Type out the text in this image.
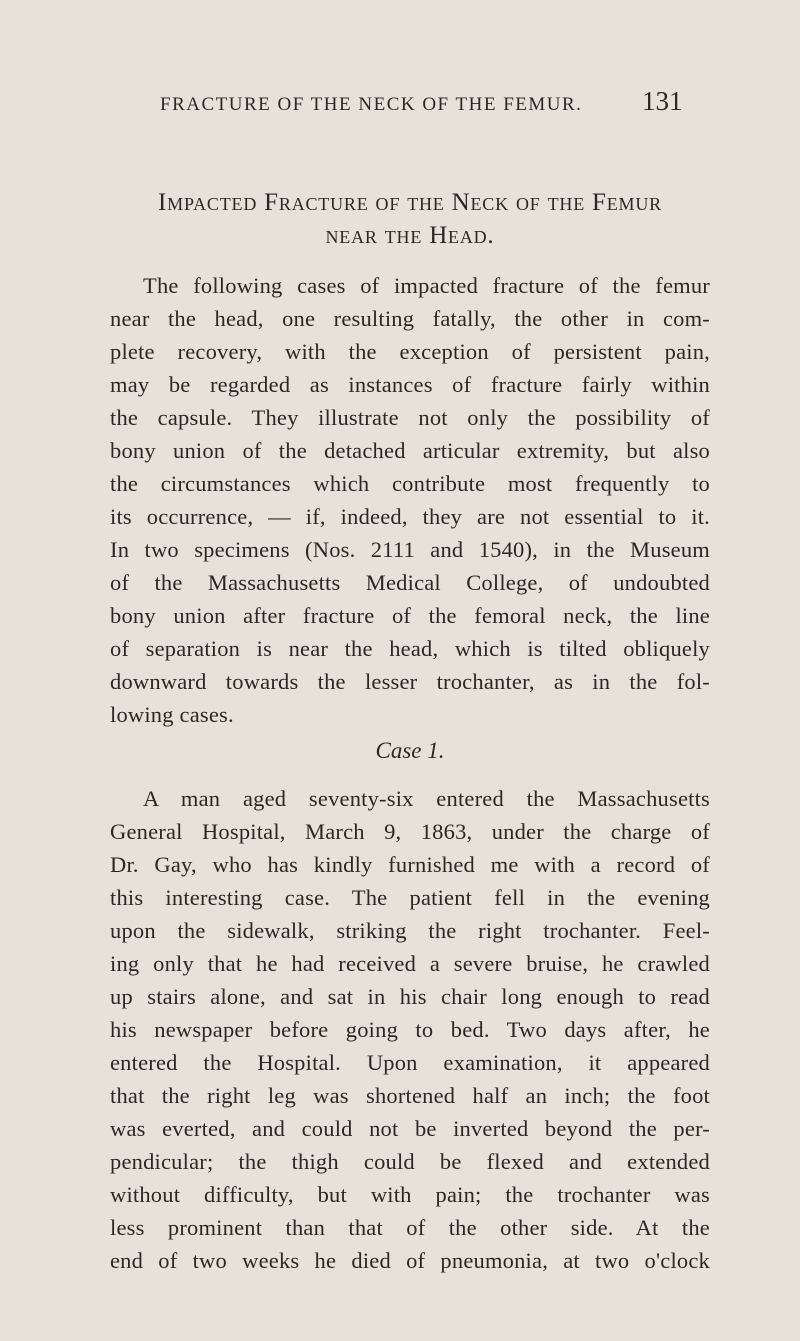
FRACTURE OF THE NECK OF THE FEMUR.	131
Impacted Fracture of the Neck of the Femur
near the Head.
The following cases of impacted fracture of the femur
near the head, one resulting fatally, the other in com-
plete recovery, with the exception of persistent pain,
may be regarded as instances of fracture fairly within
the capsule. They illustrate not only the possibility of
bony union of the detached articular extremity, but also
the circumstances which contribute most frequently to
its occurrence, — if, indeed, they are not essential to it.
In two specimens (Nos. 2111 and 1540), in the Museum
of the Massachusetts Medical College, of undoubted
bony union after fracture of the femoral neck, the line
of separation is near the head, which is tilted obliquely
downward towards the lesser trochanter, as in the fol-
lowing cases.
Case 1.
A man aged seventy-six entered the Massachusetts
General Hospital, March 9, 1863, under the charge of
Dr. Gay, who has kindly furnished me with a record of
this interesting case. The patient fell in the evening
upon the sidewalk, striking the right trochanter. Feel-
ing only that he had received a severe bruise, he crawled
up stairs alone, and sat in his chair long enough to read
his newspaper before going to bed. Two days after, he
entered the Hospital. Upon examination, it appeared
that the right leg was shortened half an inch; the foot
was everted, and could not be inverted beyond the per-
pendicular; the thigh could be flexed and extended
without difficulty, but with pain; the trochanter was
less prominent than that of the other side. At the
end of two weeks he died of pneumonia, at two o'clock
